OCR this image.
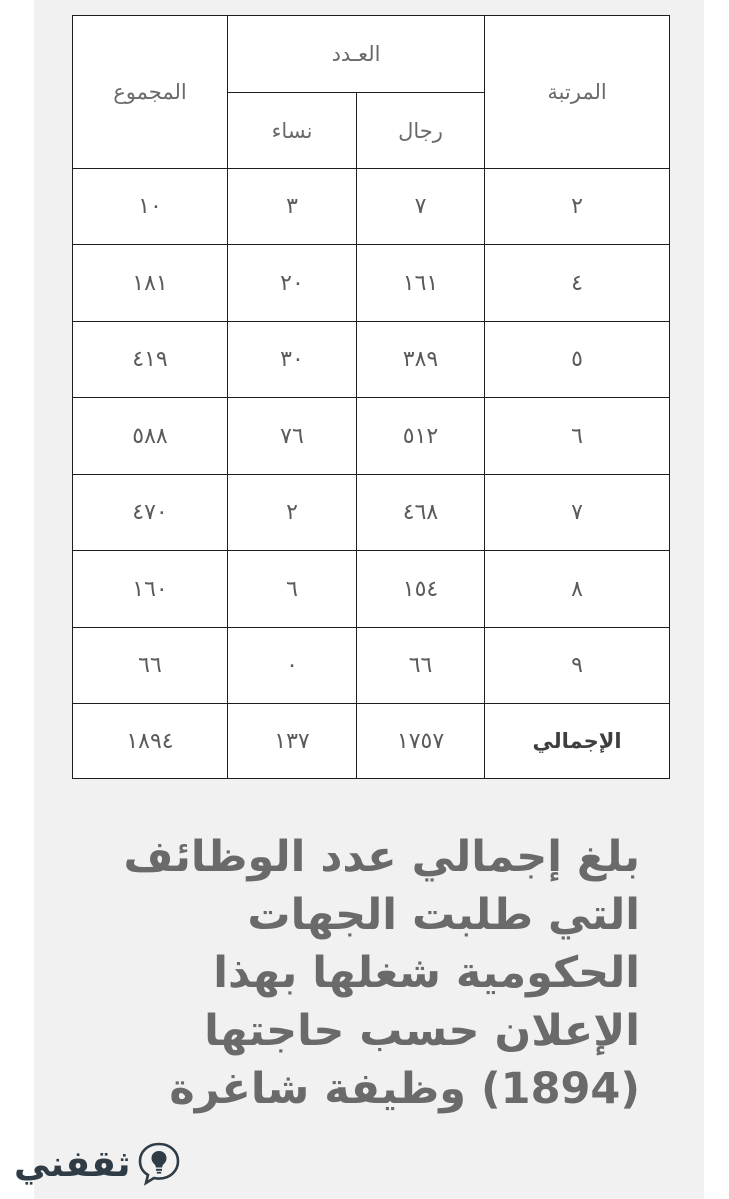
المجموع	العـدد		المرتبة
	نساء	رجال	
١٠	٣	٧	٢
١٨١	٢٠	١٦١	٤
٤١٩	٣٠	٣٨٩	٥
٥٨٨	٧٦	٥١٢	٦
٤٧٠	٢	٤٦٨	٧
١٦٠	٦	١٥٤	٨
٦٦	٠	٦٦	٩
١٨٩٤	١٣٧	١٧٥٧	الإجمالي
بلغ إجمالي عدد الوظائف
التي طلبت الجهات
الحكومية شغلها بهذا
الإعلان حسب حاجتها
(1894) وظيفة شاغرة
ثقفني
